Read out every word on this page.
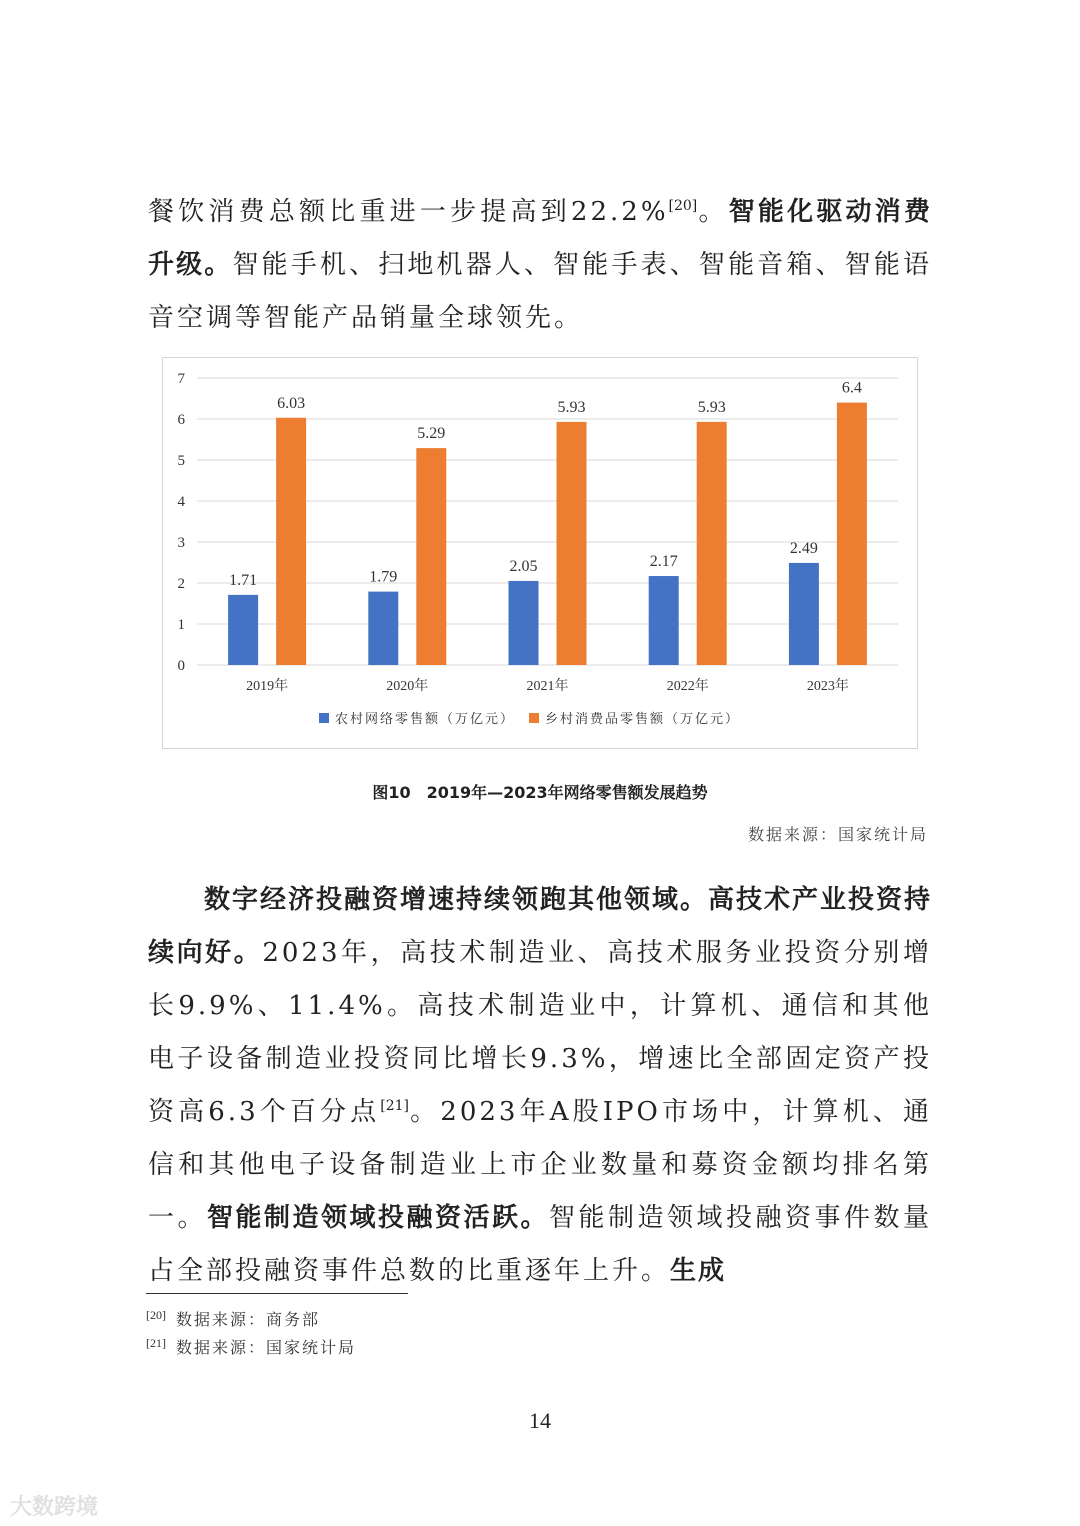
餐饮消费总额比重进一步提高到22.2%[20]。智能化驱动消费升级。智能手机、扫地机器人、智能手表、智能音箱、智能语音空调等智能产品销量全球领先。

0
1
2
3
4
5
6
7
1.71
6.03
2019年
1.79
5.29
2020年
2.05
5.93
2021年
2.17
5.93
2022年
2.49
6.4
2023年
农村网络零售额（万亿元） 乡村消费品零售额（万亿元）
图10　2019年—2023年网络零售额发展趋势
数据来源：国家统计局

数字经济投融资增速持续领跑其他领域。高技术产业投资持续向好。2023年，高技术制造业、高技术服务业投资分别增长9.9%、11.4%。高技术制造业中，计算机、通信和其他电子设备制造业投资同比增长9.3%，增速比全部固定资产投资高6.3个百分点[21]。2023年A股IPO市场中，计算机、通信和其他电子设备制造业上市企业数量和募资金额均排名第一。智能制造领域投融资活跃。智能制造领域投融资事件数量占全部投融资事件总数的比重逐年上升。生成

[20] 数据来源：商务部
[21] 数据来源：国家统计局
14
大数跨境
